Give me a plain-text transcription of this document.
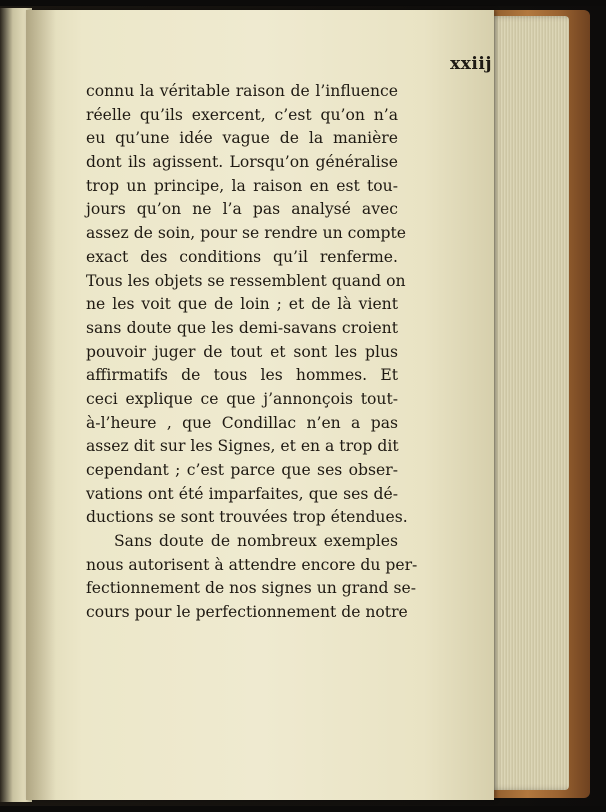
xxiij
connu la véritable raison de l’influence
réelle qu’ils exercent, c’est qu’on n’a
eu qu’une idée vague de la manière
dont ils agissent. Lorsqu’on généralise
trop un principe, la raison en est tou-
jours qu’on ne l’a pas analysé avec
assez de soin, pour se rendre un compte
exact des conditions qu’il renferme.
Tous les objets se ressemblent quand on
ne les voit que de loin ; et de là vient
sans doute que les demi-savans croient
pouvoir juger de tout et sont les plus
affirmatifs de tous les hommes. Et
ceci explique ce que j’annonçois tout-
à-l’heure , que Condillac n’en a pas
assez dit sur les Signes, et en a trop dit
cependant ; c’est parce que ses obser-
vations ont été imparfaites, que ses dé-
ductions se sont trouvées trop étendues.
Sans doute de nombreux exemples
nous autorisent à attendre encore du per-
fectionnement de nos signes un grand se-
cours pour le perfectionnement de notre
